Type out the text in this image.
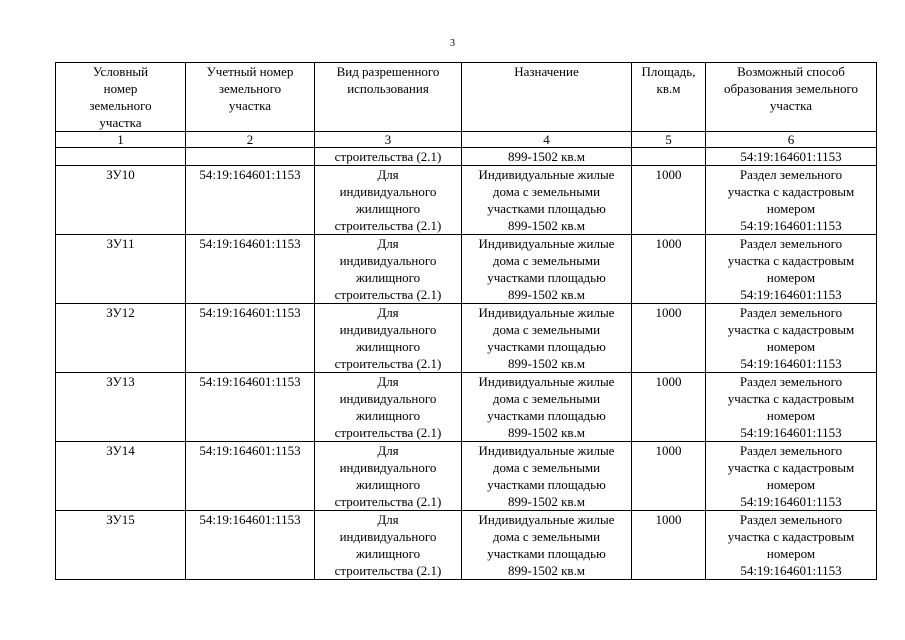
3
Условный
номер
земельного
участка	Учетный номер
земельного
участка	Вид разрешенного
использования	Назначение	Площадь,
кв.м	Возможный способ
образования земельного
участка

1	2	3	4	5	6

		строительства (2.1)	899-1502 кв.м		54:19:164601:1153

ЗУ10	54:19:164601:1153	Для
индивидуального
жилищного
строительства (2.1)	Индивидуальные жилые
дома с земельными
участками площадью
899-1502 кв.м	1000	Раздел земельного
участка с кадастровым
номером
54:19:164601:1153

ЗУ11	54:19:164601:1153	Для
индивидуального
жилищного
строительства (2.1)	Индивидуальные жилые
дома с земельными
участками площадью
899-1502 кв.м	1000	Раздел земельного
участка с кадастровым
номером
54:19:164601:1153

ЗУ12	54:19:164601:1153	Для
индивидуального
жилищного
строительства (2.1)	Индивидуальные жилые
дома с земельными
участками площадью
899-1502 кв.м	1000	Раздел земельного
участка с кадастровым
номером
54:19:164601:1153

ЗУ13	54:19:164601:1153	Для
индивидуального
жилищного
строительства (2.1)	Индивидуальные жилые
дома с земельными
участками площадью
899-1502 кв.м	1000	Раздел земельного
участка с кадастровым
номером
54:19:164601:1153

ЗУ14	54:19:164601:1153	Для
индивидуального
жилищного
строительства (2.1)	Индивидуальные жилые
дома с земельными
участками площадью
899-1502 кв.м	1000	Раздел земельного
участка с кадастровым
номером
54:19:164601:1153

ЗУ15	54:19:164601:1153	Для
индивидуального
жилищного
строительства (2.1)	Индивидуальные жилые
дома с земельными
участками площадью
899-1502 кв.м	1000	Раздел земельного
участка с кадастровым
номером
54:19:164601:1153
